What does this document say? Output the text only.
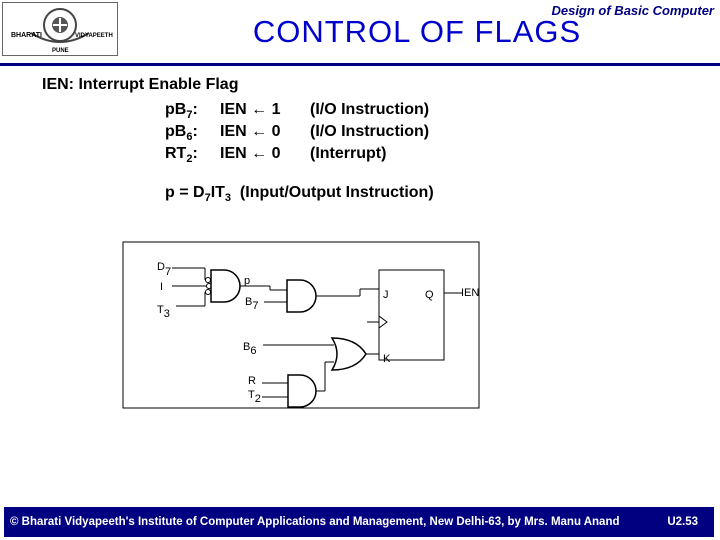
BHARATI	VIDYAPEETH
PUNE
Design of Basic Computer
CONTROL OF FLAGS
IEN: Interrupt Enable Flag
$pB_7$: IEN ← 1 (I/O Instruction)
$pB_6$: IEN ← 0 (I/O Instruction)
$RT_2$: IEN ← 0 (Interrupt)
$p = D_7IT_3$ (Input/Output Instruction)
D7
I
T3
p
B7
B6
R
T2
J	Q
K
IEN
© Bharati Vidyapeeth's Institute of Computer Applications and Management, New Delhi-63, by Mrs. Manu Anand	U2.53
